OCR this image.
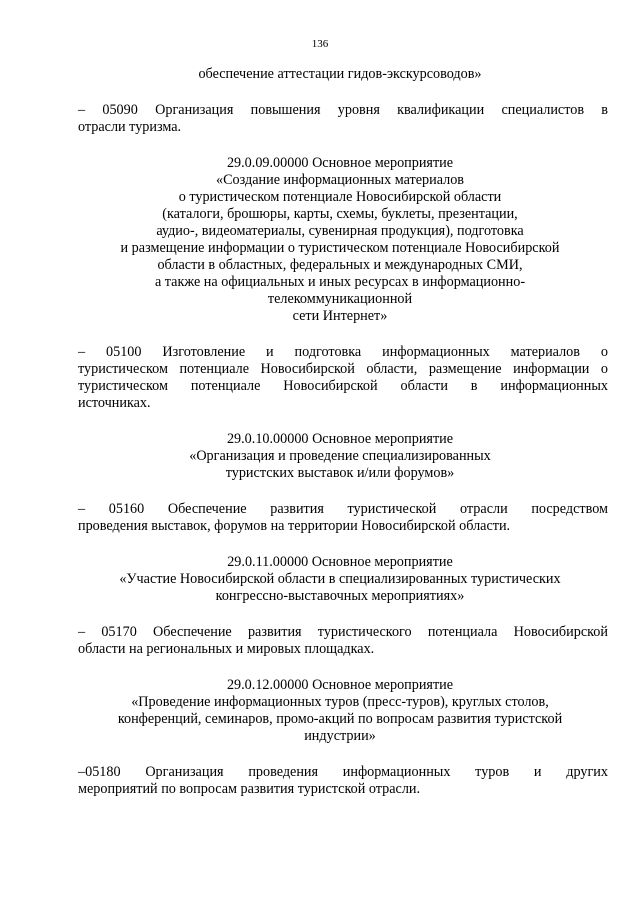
136
обеспечение аттестации гидов-экскурсоводов»
– 05090 Организация повышения уровня квалификации специалистов в
отрасли туризма.
29.0.09.00000 Основное мероприятие
«Создание информационных материалов
о туристическом потенциале Новосибирской области
(каталоги, брошюры, карты, схемы, буклеты, презентации,
аудио-, видеоматериалы, сувенирная продукция), подготовка
и размещение информации о туристическом потенциале Новосибирской
области в областных, федеральных и международных СМИ,
а также на официальных и иных ресурсах в информационно-
телекоммуникационной
сети Интернет»
– 05100 Изготовление и подготовка информационных материалов о
туристическом потенциале Новосибирской области, размещение информации о
туристическом потенциале Новосибирской области в информационных
источниках.
29.0.10.00000 Основное мероприятие
«Организация и проведение специализированных
туристских выставок и/или форумов»
– 05160 Обеспечение развития туристической отрасли посредством
проведения выставок, форумов на территории Новосибирской области.
29.0.11.00000 Основное мероприятие
«Участие Новосибирской области в специализированных туристических
конгрессно-выставочных мероприятиях»
– 05170 Обеспечение развития туристического потенциала Новосибирской
области на региональных и мировых площадках.
29.0.12.00000 Основное мероприятие
«Проведение информационных туров (пресс-туров), круглых столов,
конференций, семинаров, промо-акций по вопросам развития туристской
индустрии»
–05180 Организация проведения информационных туров и других
мероприятий по вопросам развития туристской отрасли.
